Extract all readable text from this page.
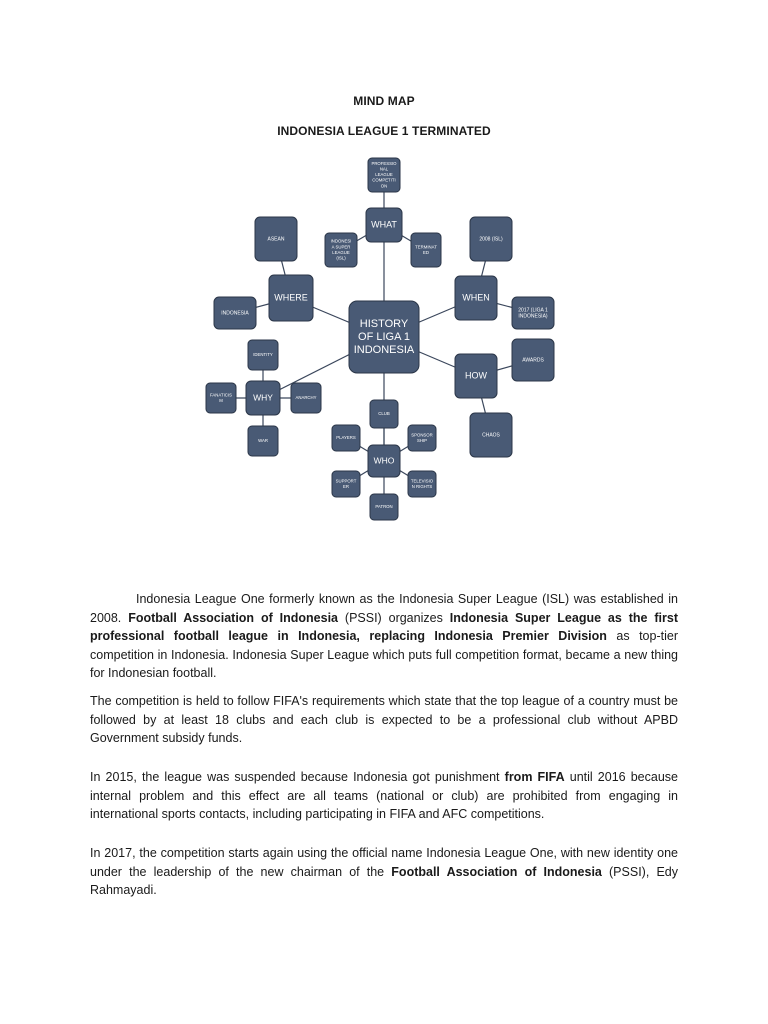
MIND MAP
INDONESIA LEAGUE 1 TERMINATED
HISTORY
OF LIGA 1
INDONESIA
WHAT
WHEN
HOW
WHO
WHY
WHERE
PROFESSIO
NAL
LEAGUE
COMPETITI
ON
INDONESI
A SUPER
LEAGUE
(ISL)
TERMINAT
ED
ASEAN
INDONESIA
2008 (ISL)
2017 (LIGA 1
INDONESIA)
AWARDS
CHAOS
IDENTITY
FANATICIS
M
ANARCHY
WAR
CLUB
PLAYERS
SPONSOR
SHIP
SUPPORT
ER
TELEVISIO
N RIGHTS
PATRON

Indonesia League One formerly known as the Indonesia Super League (ISL) was established in 2008. Football Association of Indonesia (PSSI) organizes Indonesia Super League as the first professional football league in Indonesia, replacing Indonesia Premier Division as top-tier competition in Indonesia. Indonesia Super League which puts full competition format, became a new thing for Indonesian football.

The competition is held to follow FIFA's requirements which state that the top league of a country must be followed by at least 18 clubs and each club is expected to be a professional club without APBD Government subsidy funds.

In 2015, the league was suspended because Indonesia got punishment from FIFA until 2016 because internal problem and this effect are all teams (national or club) are prohibited from engaging in international sports contacts, including participating in FIFA and AFC competitions.

In 2017, the competition starts again using the official name Indonesia League One, with new identity one under the leadership of the new chairman of the Football Association of Indonesia (PSSI), Edy Rahmayadi.
